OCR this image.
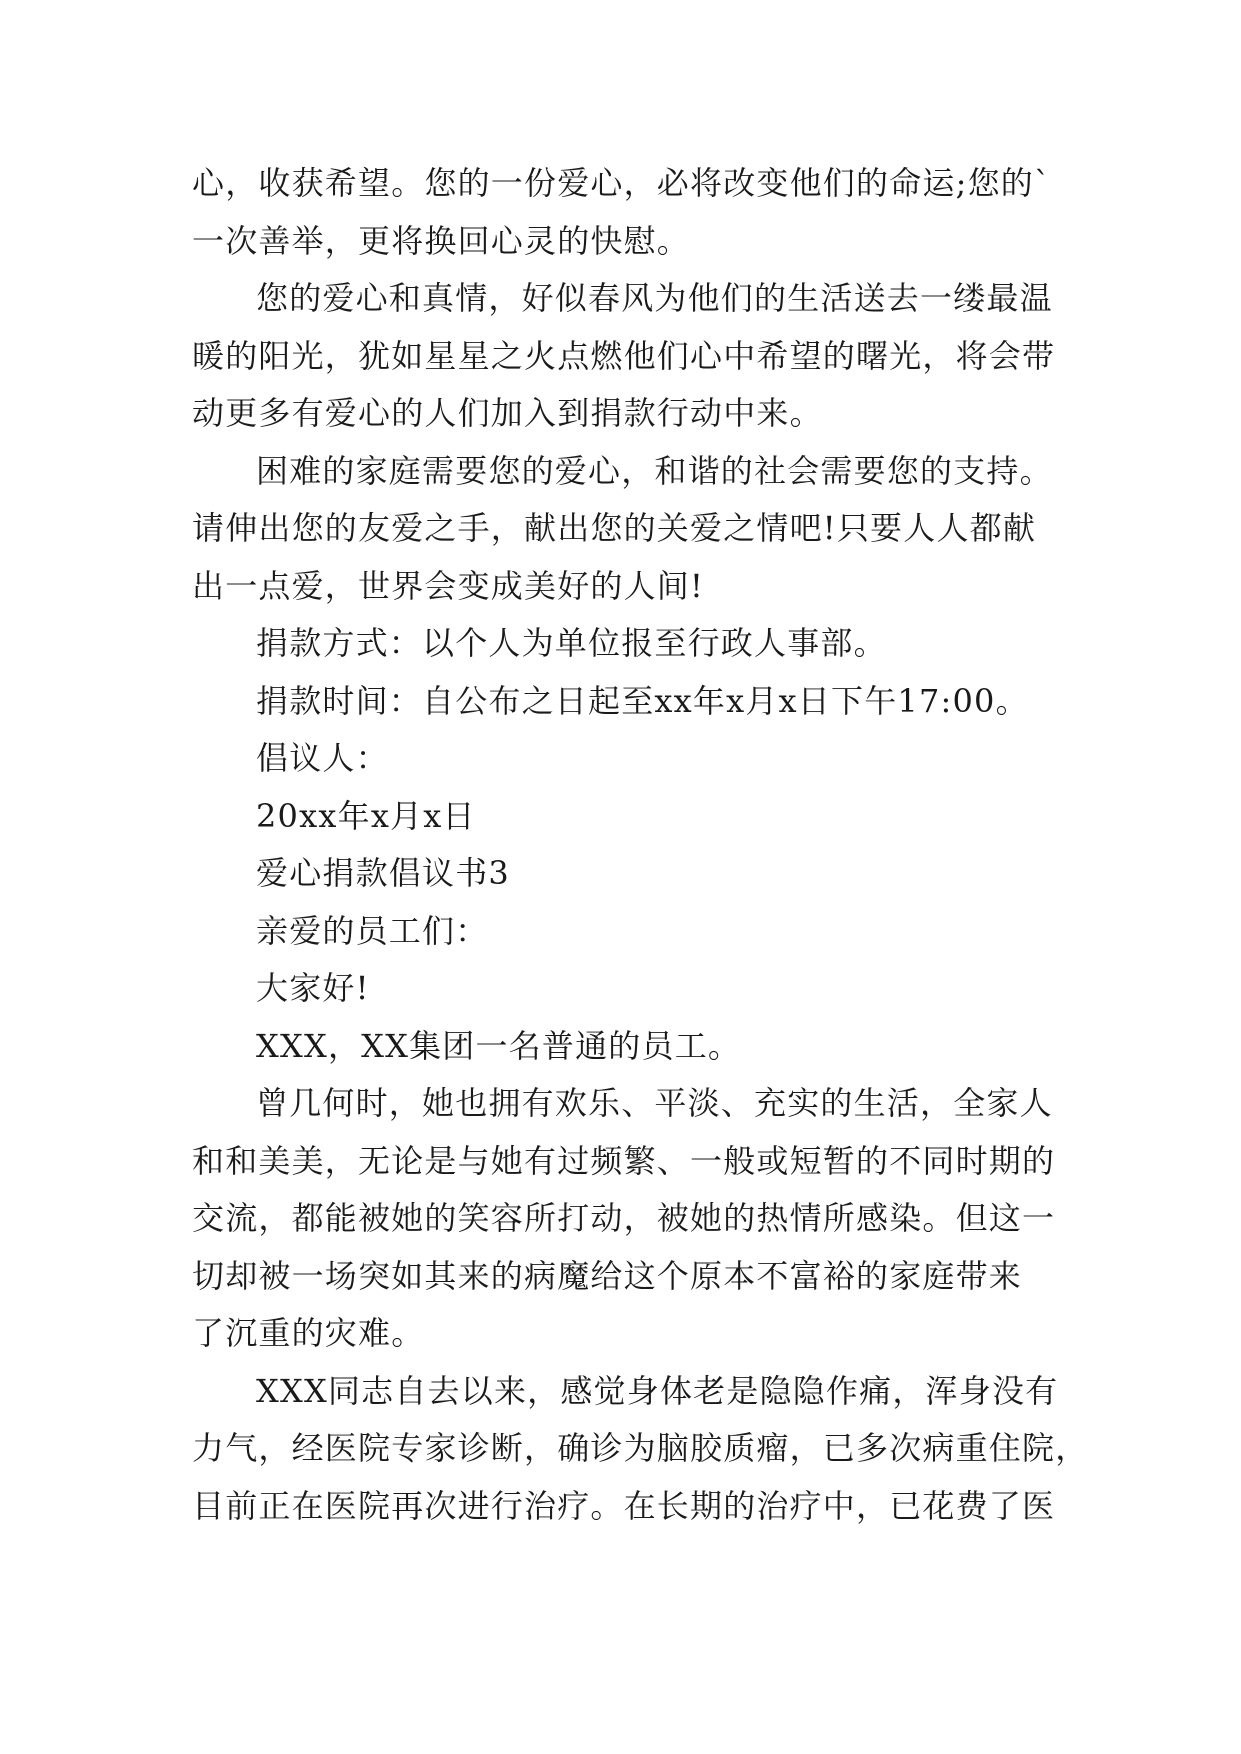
心，收获希望。您的一份爱心，必将改变他们的命运;您的`
一次善举，更将换回心灵的快慰。
您的爱心和真情，好似春风为他们的生活送去一缕最温
暖的阳光，犹如星星之火点燃他们心中希望的曙光，将会带
动更多有爱心的人们加入到捐款行动中来。
困难的家庭需要您的爱心，和谐的社会需要您的支持。
请伸出您的友爱之手，献出您的关爱之情吧!只要人人都献
出一点爱，世界会变成美好的人间!
捐款方式：以个人为单位报至行政人事部。
捐款时间：自公布之日起至xx年x月x日下午17:00。
倡议人：
20xx年x月x日
爱心捐款倡议书3
亲爱的员工们：
大家好!
XXX，XX集团一名普通的员工。
曾几何时，她也拥有欢乐、平淡、充实的生活，全家人
和和美美，无论是与她有过频繁、一般或短暂的不同时期的
交流，都能被她的笑容所打动，被她的热情所感染。但这一
切却被一场突如其来的病魔给这个原本不富裕的家庭带来
了沉重的灾难。
XXX同志自去以来，感觉身体老是隐隐作痛，浑身没有
力气，经医院专家诊断，确诊为脑胶质瘤，已多次病重住院，
目前正在医院再次进行治疗。在长期的治疗中，已花费了医
